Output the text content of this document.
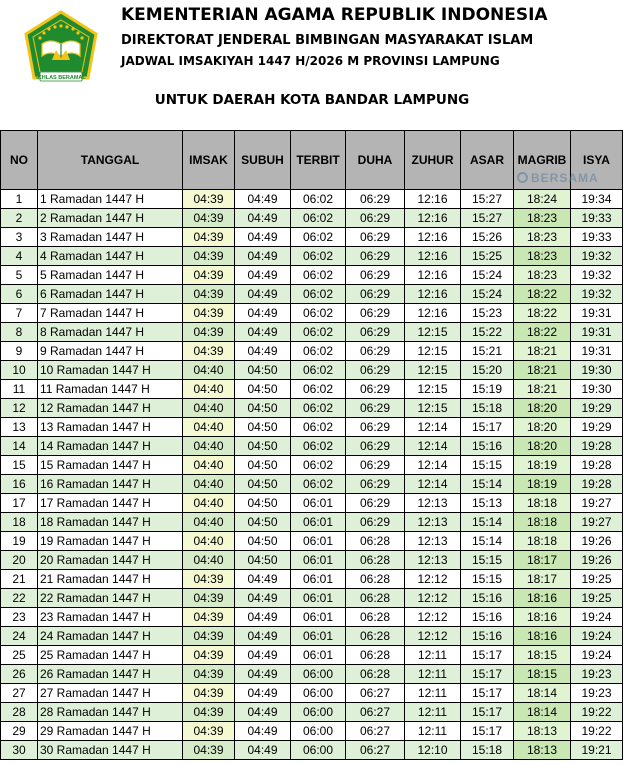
IKHLAS BERAMAL
KEMENTERIAN AGAMA REPUBLIK INDONESIA
DIREKTORAT JENDERAL BIMBINGAN MASYARAKAT ISLAM
JADWAL IMSAKIYAH 1447 H/2026 M PROVINSI LAMPUNG
UNTUK DAERAH KOTA BANDAR LAMPUNG
NO	TANGGAL	IMSAK	SUBUH	TERBIT	DUHA	ZUHUR	ASAR	MAGRIB	ISYA
1	1 Ramadan 1447 H	04:39	04:49	06:02	06:29	12:16	15:27	18:24	19:34
2	2 Ramadan 1447 H	04:39	04:49	06:02	06:29	12:16	15:27	18:23	19:33
3	3 Ramadan 1447 H	04:39	04:49	06:02	06:29	12:16	15:26	18:23	19:33
4	4 Ramadan 1447 H	04:39	04:49	06:02	06:29	12:16	15:25	18:23	19:32
5	5 Ramadan 1447 H	04:39	04:49	06:02	06:29	12:16	15:24	18:23	19:32
6	6 Ramadan 1447 H	04:39	04:49	06:02	06:29	12:16	15:24	18:22	19:32
7	7 Ramadan 1447 H	04:39	04:49	06:02	06:29	12:16	15:23	18:22	19:31
8	8 Ramadan 1447 H	04:39	04:49	06:02	06:29	12:15	15:22	18:22	19:31
9	9 Ramadan 1447 H	04:39	04:49	06:02	06:29	12:15	15:21	18:21	19:31
10	10 Ramadan 1447 H	04:40	04:50	06:02	06:29	12:15	15:20	18:21	19:30
11	11 Ramadan 1447 H	04:40	04:50	06:02	06:29	12:15	15:19	18:21	19:30
12	12 Ramadan 1447 H	04:40	04:50	06:02	06:29	12:15	15:18	18:20	19:29
13	13 Ramadan 1447 H	04:40	04:50	06:02	06:29	12:14	15:17	18:20	19:29
14	14 Ramadan 1447 H	04:40	04:50	06:02	06:29	12:14	15:16	18:20	19:28
15	15 Ramadan 1447 H	04:40	04:50	06:02	06:29	12:14	15:15	18:19	19:28
16	16 Ramadan 1447 H	04:40	04:50	06:02	06:29	12:14	15:14	18:19	19:28
17	17 Ramadan 1447 H	04:40	04:50	06:01	06:29	12:13	15:13	18:18	19:27
18	18 Ramadan 1447 H	04:40	04:50	06:01	06:29	12:13	15:14	18:18	19:27
19	19 Ramadan 1447 H	04:40	04:50	06:01	06:28	12:13	15:14	18:18	19:26
20	20 Ramadan 1447 H	04:40	04:50	06:01	06:28	12:13	15:15	18:17	19:26
21	21 Ramadan 1447 H	04:39	04:49	06:01	06:28	12:12	15:15	18:17	19:25
22	22 Ramadan 1447 H	04:39	04:49	06:01	06:28	12:12	15:16	18:16	19:25
23	23 Ramadan 1447 H	04:39	04:49	06:01	06:28	12:12	15:16	18:16	19:24
24	24 Ramadan 1447 H	04:39	04:49	06:01	06:28	12:12	15:16	18:16	19:24
25	25 Ramadan 1447 H	04:39	04:49	06:01	06:28	12:11	15:17	18:15	19:24
26	26 Ramadan 1447 H	04:39	04:49	06:00	06:28	12:11	15:17	18:15	19:23
27	27 Ramadan 1447 H	04:39	04:49	06:00	06:27	12:11	15:17	18:14	19:23
28	28 Ramadan 1447 H	04:39	04:49	06:00	06:27	12:11	15:17	18:14	19:22
29	29 Ramadan 1447 H	04:39	04:49	06:00	06:27	12:11	15:17	18:13	19:22
30	30 Ramadan 1447 H	04:39	04:49	06:00	06:27	12:10	15:18	18:13	19:21
BERSAMA
